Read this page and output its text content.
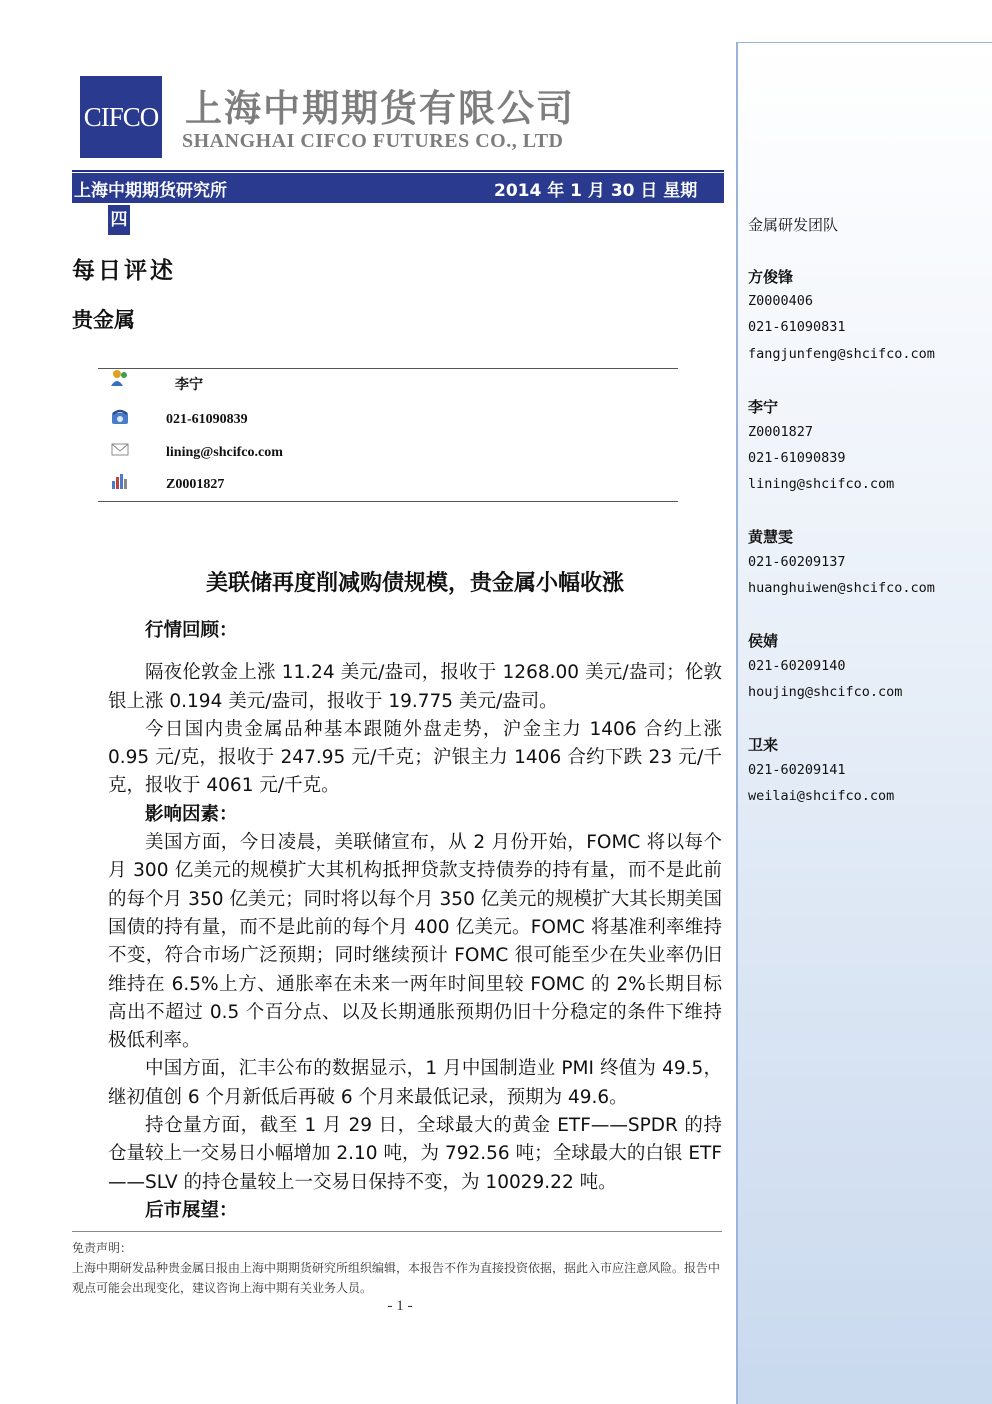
CIFCO 上海中期期货有限公司
SHANGHAI CIFCO FUTURES CO., LTD
上海中期期货研究所	2014 年 1 月 30 日 星期
四
每日评述
贵金属
李宁
021-61090839
lining@shcifco.com
Z0001827
美联储再度削减购债规模，贵金属小幅收涨
行情回顾：

隔夜伦敦金上涨 11.24 美元/盎司，报收于 1268.00 美元/盎司；伦敦银上涨 0.194 美元/盎司，报收于 19.775 美元/盎司。

今日国内贵金属品种基本跟随外盘走势，沪金主力 1406 合约上涨 0.95 元/克，报收于 247.95 元/千克；沪银主力 1406 合约下跌 23 元/千克，报收于 4061 元/千克。

影响因素：

美国方面，今日凌晨，美联储宣布，从 2 月份开始，FOMC 将以每个月 300 亿美元的规模扩大其机构抵押贷款支持债券的持有量，而不是此前的每个月 350 亿美元；同时将以每个月 350 亿美元的规模扩大其长期美国国债的持有量，而不是此前的每个月 400 亿美元。FOMC 将基准利率维持不变，符合市场广泛预期；同时继续预计 FOMC 很可能至少在失业率仍旧维持在 6.5%上方、通胀率在未来一两年时间里较 FOMC 的 2%长期目标高出不超过 0.5 个百分点、以及长期通胀预期仍旧十分稳定的条件下维持极低利率。

中国方面，汇丰公布的数据显示，1 月中国制造业 PMI 终值为 49.5，继初值创 6 个月新低后再破 6 个月来最低记录，预期为 49.6。

持仓量方面，截至 1 月 29 日，全球最大的黄金 ETF——SPDR 的持仓量较上一交易日小幅增加 2.10 吨，为 792.56 吨；全球最大的白银 ETF——SLV 的持仓量较上一交易日保持不变，为 10029.22 吨。

后市展望：
免责声明：
上海中期研发品种贵金属日报由上海中期期货研究所组织编辑，本报告不作为直接投资依据，据此入市应注意风险。报告中观点可能会出现变化，建议咨询上海中期有关业务人员。
- 1 -
金属研发团队
方俊锋
Z0000406
021-61090831
fangjunfeng@shcifco.com
李宁
Z0001827
021-61090839
lining@shcifco.com
黄慧雯
021-60209137
huanghuiwen@shcifco.com
侯婧
021-60209140
houjing@shcifco.com
卫来
021-60209141
weilai@shcifco.com
